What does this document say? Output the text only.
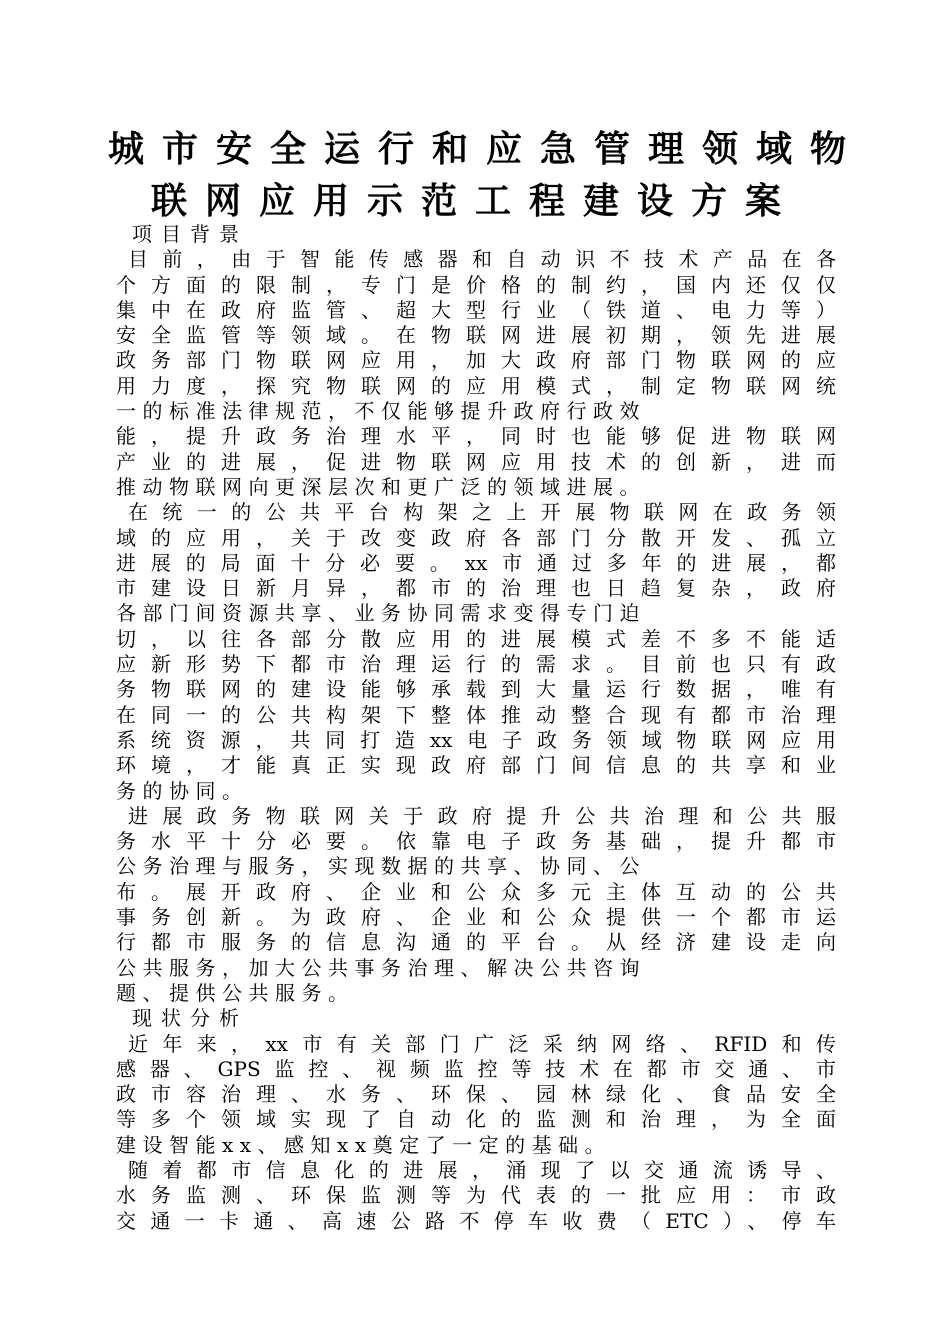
城市安全运行和应急管理领域物
联网应用示范工程建设方案
项目背景
目前，由于智能传感器和自动识不技术产品在各
个方面的限制，专门是价格的制约，国内还仅仅
集中在政府监管、超大型行业（铁道、电力等）
安全监管等领域。在物联网进展初期，领先进展
政务部门物联网应用，加大政府部门物联网的应
用力度，探究物联网的应用模式，制定物联网统
一的标准法律规范，不仅能够提升政府行政效
能，提升政务治理水平，同时也能够促进物联网
产业的进展，促进物联网应用技术的创新，进而
推动物联网向更深层次和更广泛的领域进展。
在统一的公共平台构架之上开展物联网在政务领
域的应用，关于改变政府各部门分散开发、孤立
进展的局面十分必要。xx市通过多年的进展，都
市建设日新月异，都市的治理也日趋复杂，政府
各部门间资源共享、业务协同需求变得专门迫
切，以往各部分散应用的进展模式差不多不能适
应新形势下都市治理运行的需求。目前也只有政
务物联网的建设能够承载到大量运行数据，唯有
在同一的公共构架下整体推动整合现有都市治理
系统资源，共同打造xx电子政务领域物联网应用
环境，才能真正实现政府部门间信息的共享和业
务的协同。
进展政务物联网关于政府提升公共治理和公共服
务水平十分必要。依靠电子政务基础，提升都市
公务治理与服务，实现数据的共享、协同、公
布。展开政府、企业和公众多元主体互动的公共
事务创新。为政府、企业和公众提供一个都市运
行都市服务的信息沟通的平台。从经济建设走向
公共服务，加大公共事务治理、解决公共咨询
题、提供公共服务。
现状分析
近年来，xx市有关部门广泛采纳网络、RFID和传
感器、GPS监控、视频监控等技术在都市交通、市
政市容治理、水务、环保、园林绿化、食品安全
等多个领域实现了自动化的监测和治理，为全面
建设智能xx、感知xx奠定了一定的基础。
随着都市信息化的进展，涌现了以交通流诱导、
水务监测、环保监测等为代表的一批应用：市政
交通一卡通、高速公路不停车收费（ETC）、停车
